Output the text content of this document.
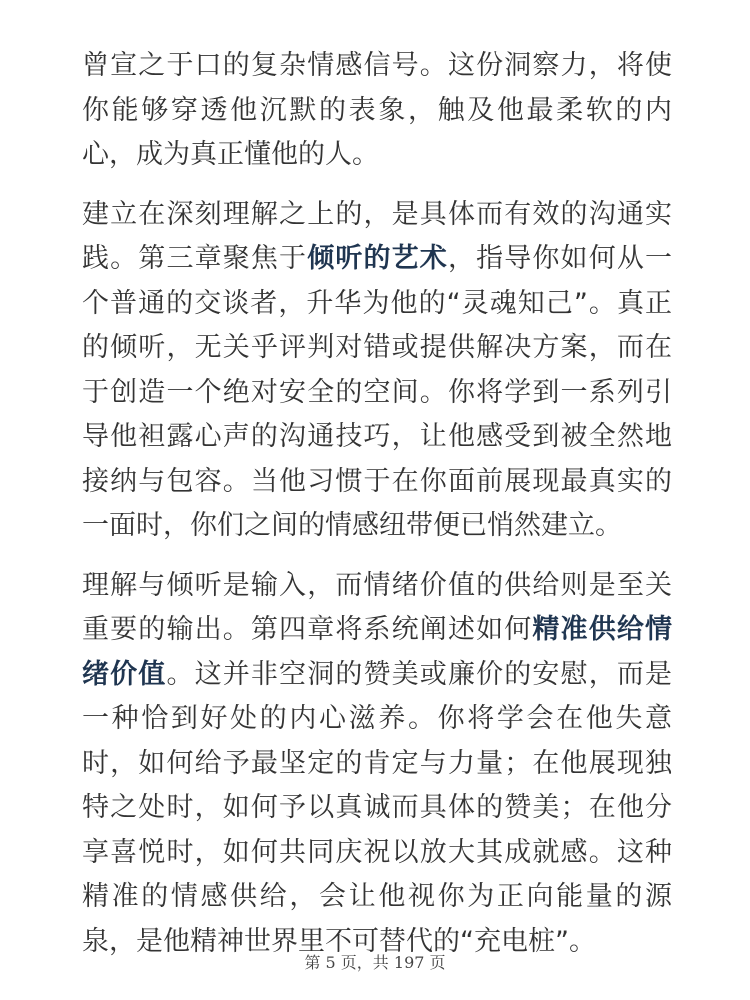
曾宣之于口的复杂情感信号。这份洞察力，将使你能够穿透他沉默的表象，触及他最柔软的内心，成为真正懂他的人。

建立在深刻理解之上的，是具体而有效的沟通实践。第三章聚焦于倾听的艺术，指导你如何从一个普通的交谈者，升华为他的“灵魂知己”。真正的倾听，无关乎评判对错或提供解决方案，而在于创造一个绝对安全的空间。你将学到一系列引导他袒露心声的沟通技巧，让他感受到被全然地接纳与包容。当他习惯于在你面前展现最真实的一面时，你们之间的情感纽带便已悄然建立。

理解与倾听是输入，而情绪价值的供给则是至关重要的输出。第四章将系统阐述如何精准供给情绪价值。这并非空洞的赞美或廉价的安慰，而是一种恰到好处的内心滋养。你将学会在他失意时，如何给予最坚定的肯定与力量；在他展现独特之处时，如何予以真诚而具体的赞美；在他分享喜悦时，如何共同庆祝以放大其成就感。这种精准的情感供给，会让他视你为正向能量的源泉，是他精神世界里不可替代的“充电桩”。

第 5 页，共 197 页
